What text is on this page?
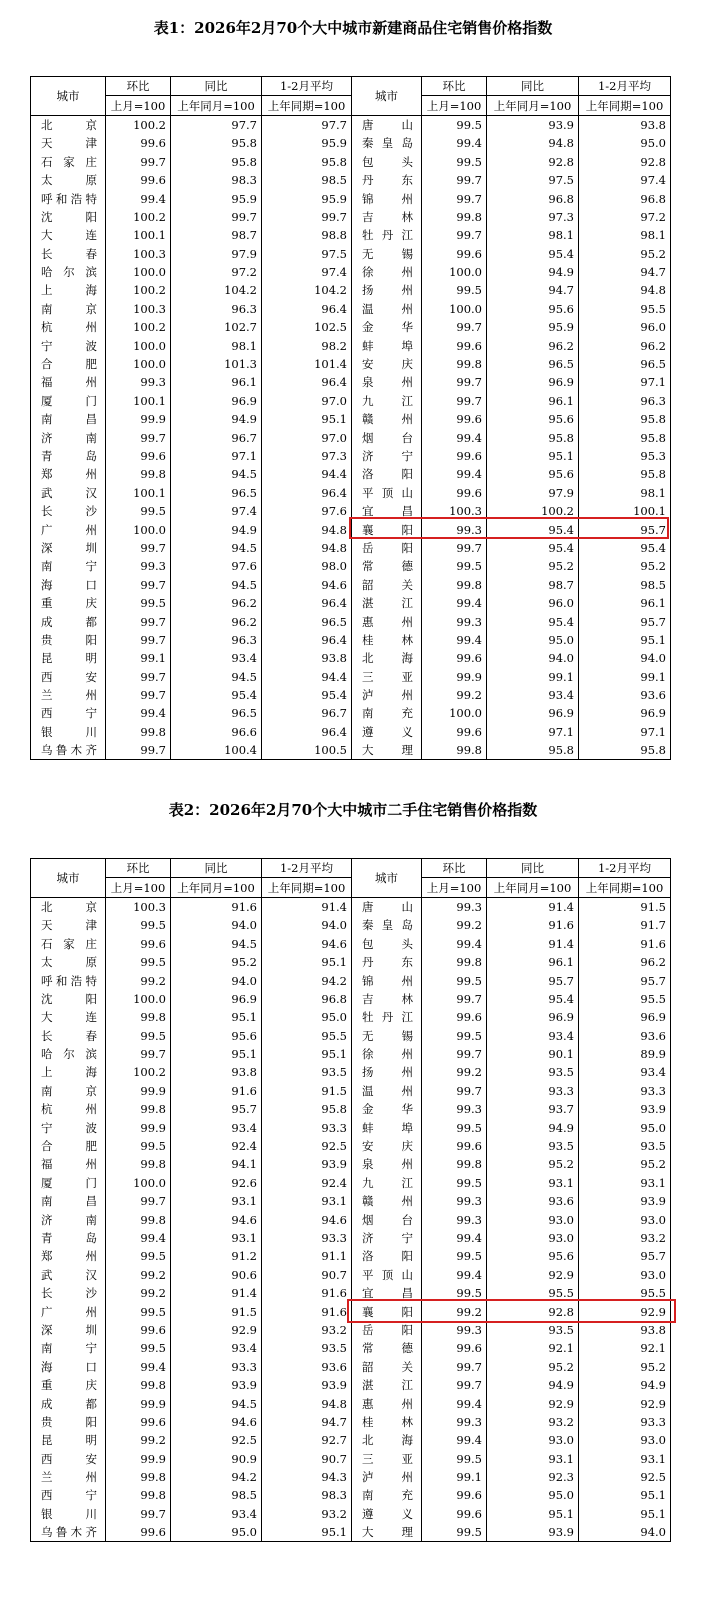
表1：2026年2月70个大中城市新建商品住宅销售价格指数
城市	环比	同比	1-2月平均	城市	环比	同比	1-2月平均
	上月=100	上年同月=100	上年同期=100		上月=100	上年同月=100	上年同期=100
北京	100.2	97.7	97.7	唐山	99.5	93.9	93.8
天津	99.6	95.8	95.9	秦皇岛	99.4	94.8	95.0
石家庄	99.7	95.8	95.8	包头	99.5	92.8	92.8
太原	99.6	98.3	98.5	丹东	99.7	97.5	97.4
呼和浩特	99.4	95.9	95.9	锦州	99.7	96.8	96.8
沈阳	100.2	99.7	99.7	吉林	99.8	97.3	97.2
大连	100.1	98.7	98.8	牡丹江	99.7	98.1	98.1
长春	100.3	97.9	97.5	无锡	99.6	95.4	95.2
哈尔滨	100.0	97.2	97.4	徐州	100.0	94.9	94.7
上海	100.2	104.2	104.2	扬州	99.5	94.7	94.8
南京	100.3	96.3	96.4	温州	100.0	95.6	95.5
杭州	100.2	102.7	102.5	金华	99.7	95.9	96.0
宁波	100.0	98.1	98.2	蚌埠	99.6	96.2	96.2
合肥	100.0	101.3	101.4	安庆	99.8	96.5	96.5
福州	99.3	96.1	96.4	泉州	99.7	96.9	97.1
厦门	100.1	96.9	97.0	九江	99.7	96.1	96.3
南昌	99.9	94.9	95.1	赣州	99.6	95.6	95.8
济南	99.7	96.7	97.0	烟台	99.4	95.8	95.8
青岛	99.6	97.1	97.3	济宁	99.6	95.1	95.3
郑州	99.8	94.5	94.4	洛阳	99.4	95.6	95.8
武汉	100.1	96.5	96.4	平顶山	99.6	97.9	98.1
长沙	99.5	97.4	97.6	宜昌	100.3	100.2	100.1
广州	100.0	94.9	94.8	襄阳	99.3	95.4	95.7
深圳	99.7	94.5	94.8	岳阳	99.7	95.4	95.4
南宁	99.3	97.6	98.0	常德	99.5	95.2	95.2
海口	99.7	94.5	94.6	韶关	99.8	98.7	98.5
重庆	99.5	96.2	96.4	湛江	99.4	96.0	96.1
成都	99.7	96.2	96.5	惠州	99.3	95.4	95.7
贵阳	99.7	96.3	96.4	桂林	99.4	95.0	95.1
昆明	99.1	93.4	93.8	北海	99.6	94.0	94.0
西安	99.7	94.5	94.4	三亚	99.9	99.1	99.1
兰州	99.7	95.4	95.4	泸州	99.2	93.4	93.6
西宁	99.4	96.5	96.7	南充	100.0	96.9	96.9
银川	99.8	96.6	96.4	遵义	99.6	97.1	97.1
乌鲁木齐	99.7	100.4	100.5	大理	99.8	95.8	95.8
表2：2026年2月70个大中城市二手住宅销售价格指数
城市	环比	同比	1-2月平均	城市	环比	同比	1-2月平均
	上月=100	上年同月=100	上年同期=100		上月=100	上年同月=100	上年同期=100
北京	100.3	91.6	91.4	唐山	99.3	91.4	91.5
天津	99.5	94.0	94.0	秦皇岛	99.2	91.6	91.7
石家庄	99.6	94.5	94.6	包头	99.4	91.4	91.6
太原	99.5	95.2	95.1	丹东	99.8	96.1	96.2
呼和浩特	99.2	94.0	94.2	锦州	99.5	95.7	95.7
沈阳	100.0	96.9	96.8	吉林	99.7	95.4	95.5
大连	99.8	95.1	95.0	牡丹江	99.6	96.9	96.9
长春	99.5	95.6	95.5	无锡	99.5	93.4	93.6
哈尔滨	99.7	95.1	95.1	徐州	99.7	90.1	89.9
上海	100.2	93.8	93.5	扬州	99.2	93.5	93.4
南京	99.9	91.6	91.5	温州	99.7	93.3	93.3
杭州	99.8	95.7	95.8	金华	99.3	93.7	93.9
宁波	99.9	93.4	93.3	蚌埠	99.5	94.9	95.0
合肥	99.5	92.4	92.5	安庆	99.6	93.5	93.5
福州	99.8	94.1	93.9	泉州	99.8	95.2	95.2
厦门	100.0	92.6	92.4	九江	99.5	93.1	93.1
南昌	99.7	93.1	93.1	赣州	99.3	93.6	93.9
济南	99.8	94.6	94.6	烟台	99.3	93.0	93.0
青岛	99.4	93.1	93.3	济宁	99.4	93.0	93.2
郑州	99.5	91.2	91.1	洛阳	99.5	95.6	95.7
武汉	99.2	90.6	90.7	平顶山	99.4	92.9	93.0
长沙	99.2	91.4	91.6	宜昌	99.5	95.5	95.5
广州	99.5	91.5	91.6	襄阳	99.2	92.8	92.9
深圳	99.6	92.9	93.2	岳阳	99.3	93.5	93.8
南宁	99.5	93.4	93.5	常德	99.6	92.1	92.1
海口	99.4	93.3	93.6	韶关	99.7	95.2	95.2
重庆	99.8	93.9	93.9	湛江	99.7	94.9	94.9
成都	99.9	94.5	94.8	惠州	99.4	92.9	92.9
贵阳	99.6	94.6	94.7	桂林	99.3	93.2	93.3
昆明	99.2	92.5	92.7	北海	99.4	93.0	93.0
西安	99.9	90.9	90.7	三亚	99.5	93.1	93.1
兰州	99.8	94.2	94.3	泸州	99.1	92.3	92.5
西宁	99.8	98.5	98.3	南充	99.6	95.0	95.1
银川	99.7	93.4	93.2	遵义	99.6	95.1	95.1
乌鲁木齐	99.6	95.0	95.1	大理	99.5	93.9	94.0
